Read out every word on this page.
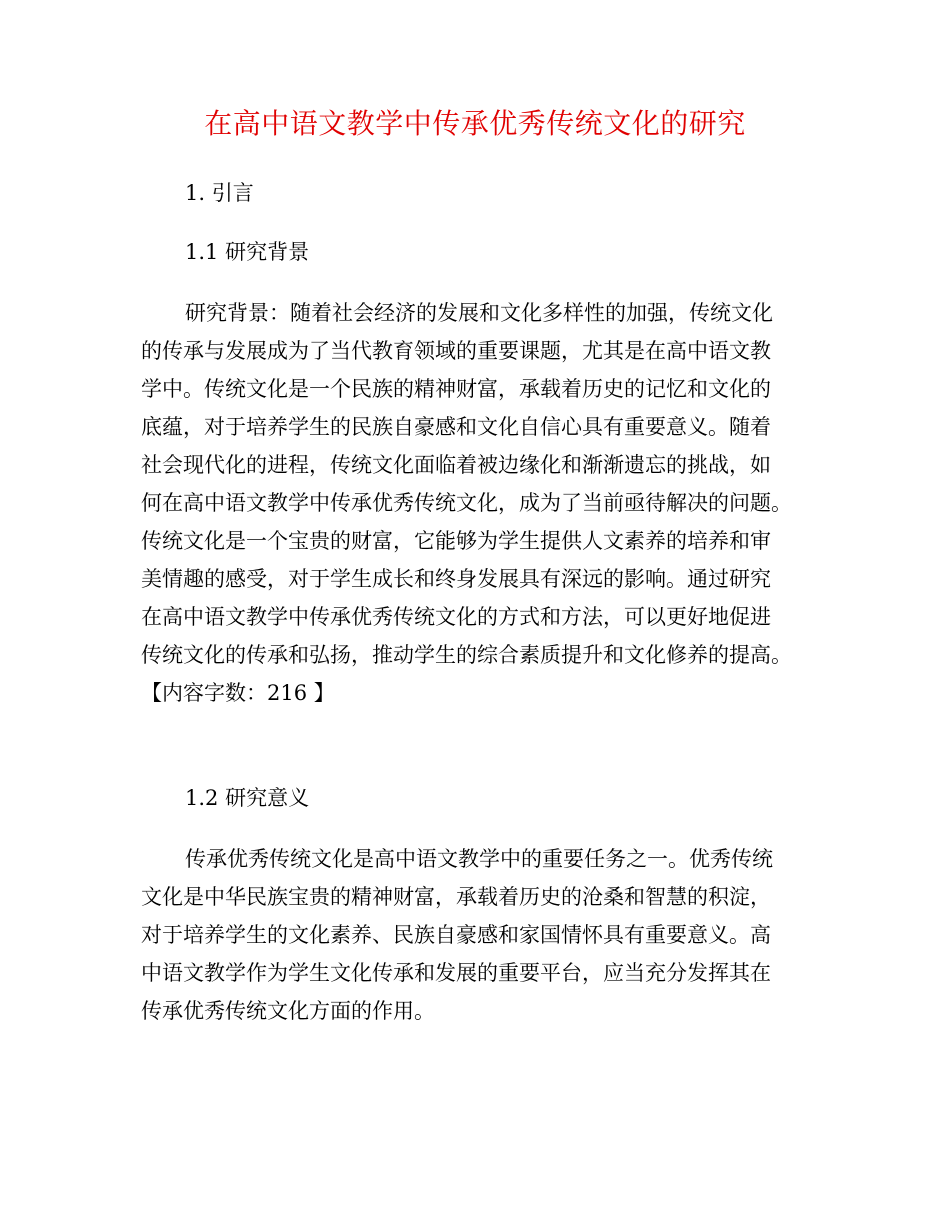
在高中语文教学中传承优秀传统文化的研究
1. 引言
1.1 研究背景
研究背景：随着社会经济的发展和文化多样性的加强，传统文化
的传承与发展成为了当代教育领域的重要课题，尤其是在高中语文教
学中。传统文化是一个民族的精神财富，承载着历史的记忆和文化的
底蕴，对于培养学生的民族自豪感和文化自信心具有重要意义。随着
社会现代化的进程，传统文化面临着被边缘化和渐渐遗忘的挑战，如
何在高中语文教学中传承优秀传统文化，成为了当前亟待解决的问题。
传统文化是一个宝贵的财富，它能够为学生提供人文素养的培养和审
美情趣的感受，对于学生成长和终身发展具有深远的影响。通过研究
在高中语文教学中传承优秀传统文化的方式和方法，可以更好地促进
传统文化的传承和弘扬，推动学生的综合素质提升和文化修养的提高。
【内容字数：216 】
1.2 研究意义
传承优秀传统文化是高中语文教学中的重要任务之一。优秀传统
文化是中华民族宝贵的精神财富，承载着历史的沧桑和智慧的积淀，
对于培养学生的文化素养、民族自豪感和家国情怀具有重要意义。高
中语文教学作为学生文化传承和发展的重要平台，应当充分发挥其在
传承优秀传统文化方面的作用。
